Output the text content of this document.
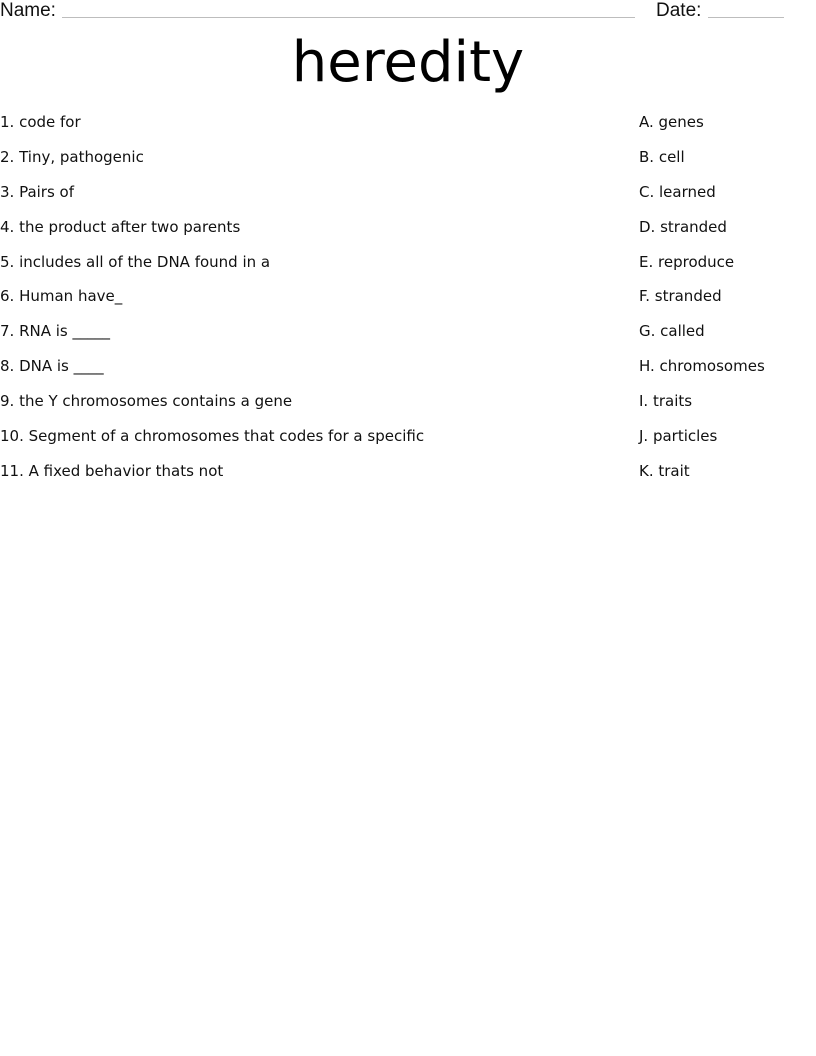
Name:	Date:
heredity
1. code for
2. Tiny, pathogenic
3. Pairs of
4. the product after two parents
5. includes all of the DNA found in a
6. Human have_
7. RNA is _____
8. DNA is ____
9. the Y chromosomes contains a gene
10. Segment of a chromosomes that codes for a specific
11. A fixed behavior thats not
A. genes
B. cell
C. learned
D. stranded
E. reproduce
F. stranded
G. called
H. chromosomes
I. traits
J. particles
K. trait
